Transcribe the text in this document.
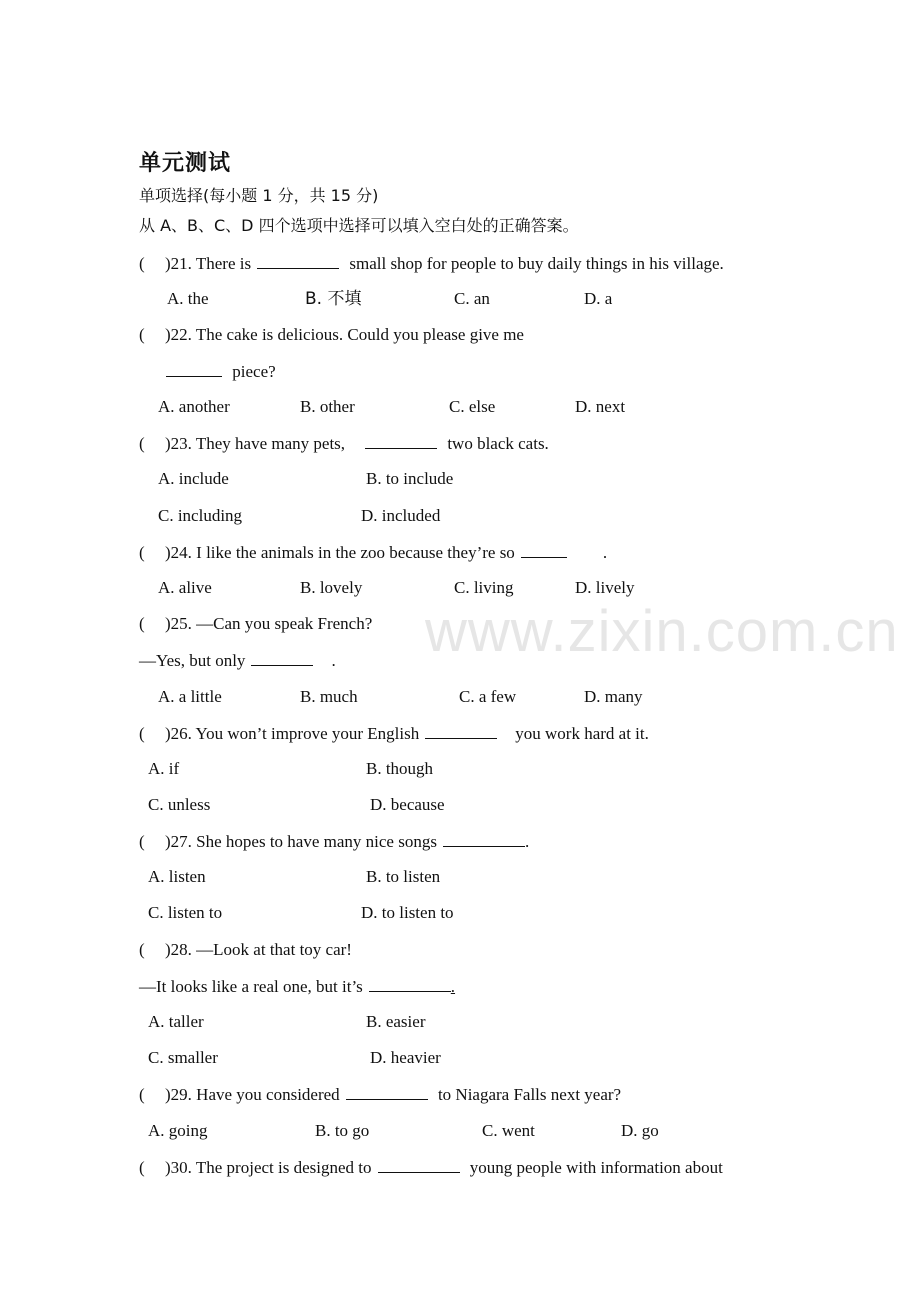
www.zixin.com.cn
单元测试
单项选择(每小题 1 分，共 15 分)
从 A、B、C、D 四个选项中选择可以填入空白处的正确答案。
( )21. There is	small shop for people to buy daily things in his village.
A. the	B. 不填	C. an	D. a
( )22. The cake is delicious. Could you please give me
piece?
A. another	B. other	C. else	D. next
( )23. They have many pets,	two black cats.
A. include	B. to include
C. including	D. included
( )24. I like the animals in the zoo because they’re so	.
A. alive	B. lovely	C. living	D. lively
( )25. —Can you speak French?
—Yes, but only	.
A. a little	B. much	C. a few	D. many
( )26. You won’t improve your English	you work hard at it.
A. if	B. though
C. unless	D. because
( )27. She hopes to have many nice songs	.
A. listen	B. to listen
C. listen to	D. to listen to
( )28. —Look at that toy car!
—It looks like a real one, but it’s	.
A. taller	B. easier
C. smaller	D. heavier
( )29. Have you considered	to Niagara Falls next year?
A. going	B. to go	C. went	D. go
( )30. The project is designed to	young people with information about
